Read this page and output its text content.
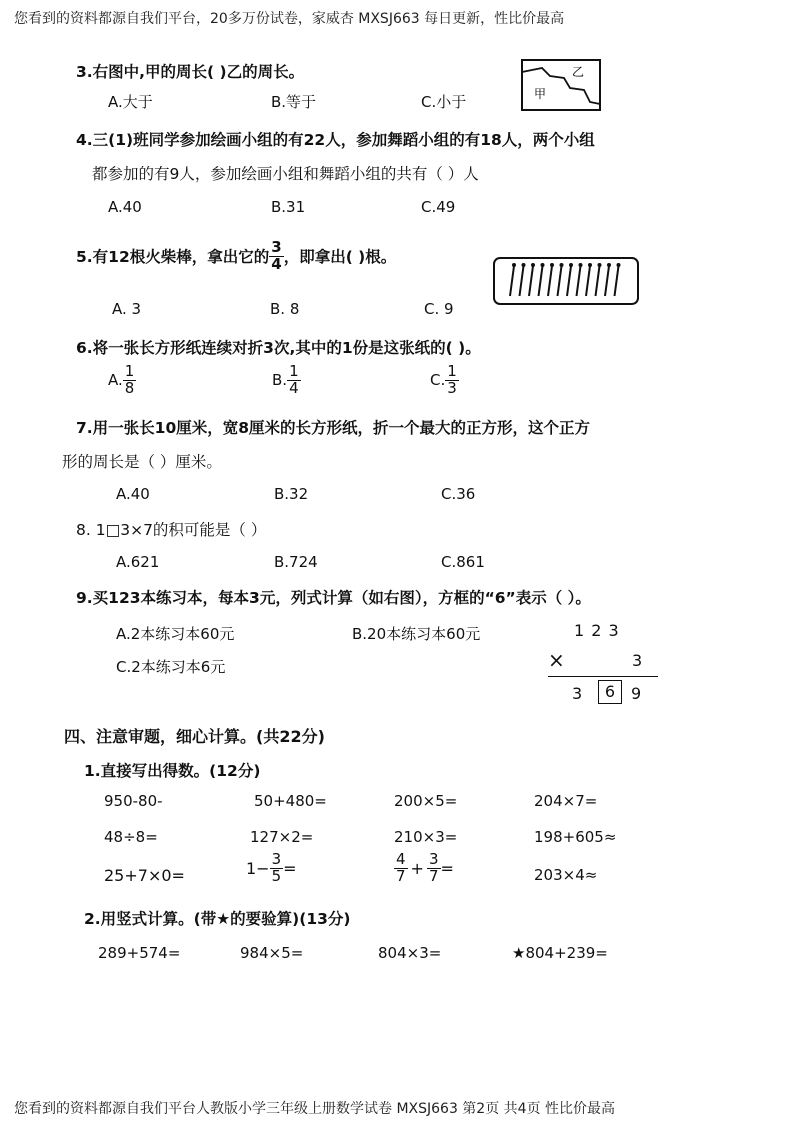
您看到的资料都源自我们平台，20多万份试卷，家威杏 MXSJ663 每日更新，性比价最高
3.右图中,甲的周长( )乙的周长。
A.大于	B.等于	C.小于
乙
甲
4.三(1)班同学参加绘画小组的有22人，参加舞蹈小组的有18人，两个小组
都参加的有9人，参加绘画小组和舞蹈小组的共有（ ）人
A.40	B.31	C.49
5.有12根火柴棒，拿出它的 $\frac{3}{4}$ ，即拿出( )根。
A. 3	B. 8	C. 9
6.将一张长方形纸连续对折3次,其中的1份是这张纸的( )。
A. $\frac{1}{8}$	B. $\frac{1}{4}$	C. $\frac{1}{3}$
7.用一张长10厘米，宽8厘米的长方形纸，折一个最大的正方形，这个正方
形的周长是（ ）厘米。
A.40	B.32	C.36
8. 1□3×7的积可能是（ ）
A.621	B.724	C.861
9.买123本练习本，每本3元，列式计算（如右图），方框的“6”表示（ ）。
A.2本练习本60元	B.20本练习本60元
C.2本练习本6元
1 2 3
×	3
3	6 9
四、注意审题，细心计算。(共22分)
1.直接写出得数。(12分)
950-80-	50+480=	200×5=	204×7=
48÷8=	127×2=	210×3=	198+605≈
25+7×0=	$1- \frac{3}{5}$ =	$\frac{4}{7} + \frac{3}{7}$ =	203×4≈
2.用竖式计算。(带★的要验算)(13分)
289+574=	984×5=	804×3=	★804+239=
您看到的资料都源自我们平台人教版小学三年级上册数学试卷 MXSJ663 第2页 共4页 性比价最高
